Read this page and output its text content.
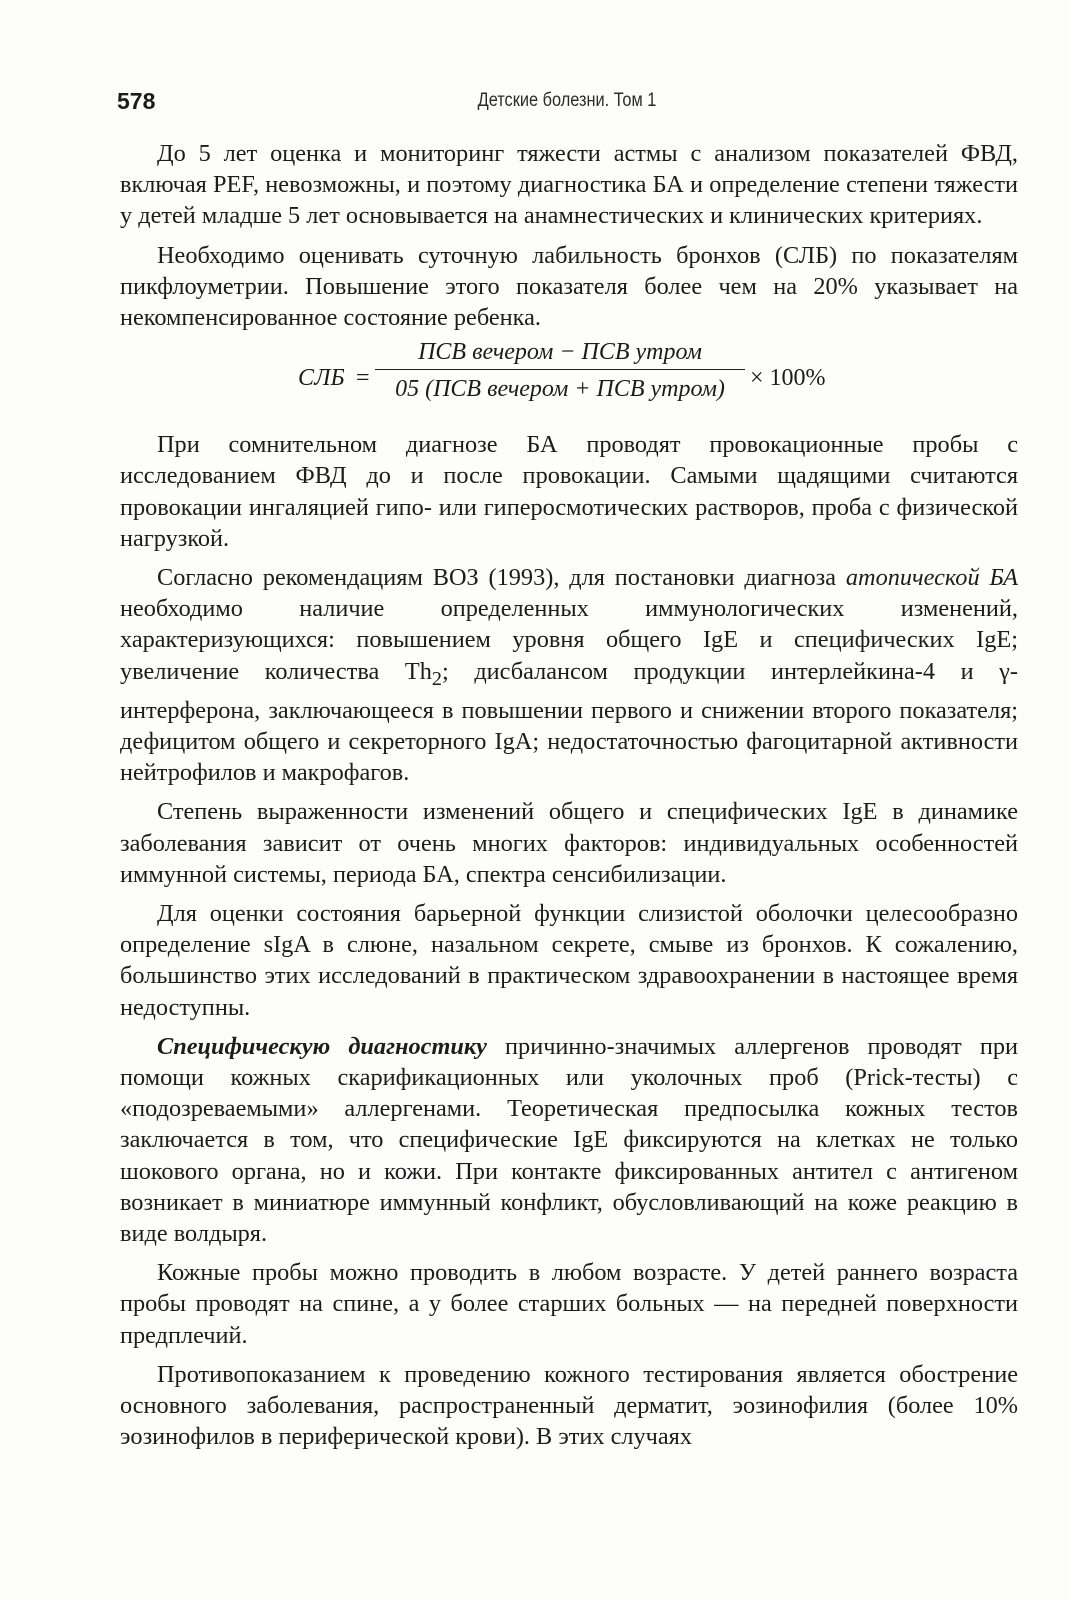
578	Детские болезни. Том 1

До 5 лет оценка и мониторинг тяжести астмы с анализом показателей ФВД, включая PEF, невозможны, и поэтому диагностика БА и определение степени тяжести у детей младше 5 лет основывается на анамнестических и клинических критериях.

Необходимо оценивать суточную лабильность бронхов (СЛБ) по показателям пикфлоуметрии. Повышение этого показателя более чем на 20% указывает на некомпенсированное состояние ребенка.

СЛБ =
ПСВ вечером − ПСВ утром
05 (ПСВ вечером + ПСВ утром)	× 100%

При сомнительном диагнозе БА проводят провокационные пробы с исследованием ФВД до и после провокации. Самыми щадящими считаются провокации ингаляцией гипо- или гиперосмотических растворов, проба с физической нагрузкой.

Согласно рекомендациям ВОЗ (1993), для постановки диагноза атопической БА необходимо наличие определенных иммунологических изменений, характеризующихся: повышением уровня общего IgE и специфических IgE; увеличение количества $Th_2$; дисбалансом продукции интерлейкина-4 и γ-интерферона, заключающееся в повышении первого и снижении второго показателя; дефицитом общего и секреторного IgA; недостаточностью фагоцитарной активности нейтрофилов и макрофагов.

Степень выраженности изменений общего и специфических IgE в динамике заболевания зависит от очень многих факторов: индивидуальных особенностей иммунной системы, периода БА, спектра сенсибилизации.

Для оценки состояния барьерной функции слизистой оболочки целесообразно определение sIgA в слюне, назальном секрете, смыве из бронхов. К сожалению, большинство этих исследований в практическом здравоохранении в настоящее время недоступны.

Специфическую диагностику причинно-значимых аллергенов проводят при помощи кожных скарификационных или уколочных проб (Prick-тесты) с «подозреваемыми» аллергенами. Теоретическая предпосылка кожных тестов заключается в том, что специфические IgE фиксируются на клетках не только шокового органа, но и кожи. При контакте фиксированных антител с антигеном возникает в миниатюре иммунный конфликт, обусловливающий на коже реакцию в виде волдыря.

Кожные пробы можно проводить в любом возрасте. У детей раннего возраста пробы проводят на спине, а у более старших больных — на передней поверхности предплечий.

Противопоказанием к проведению кожного тестирования является обострение основного заболевания, распространенный дерматит, эозинофилия (более 10% эозинофилов в периферической крови). В этих случаях
